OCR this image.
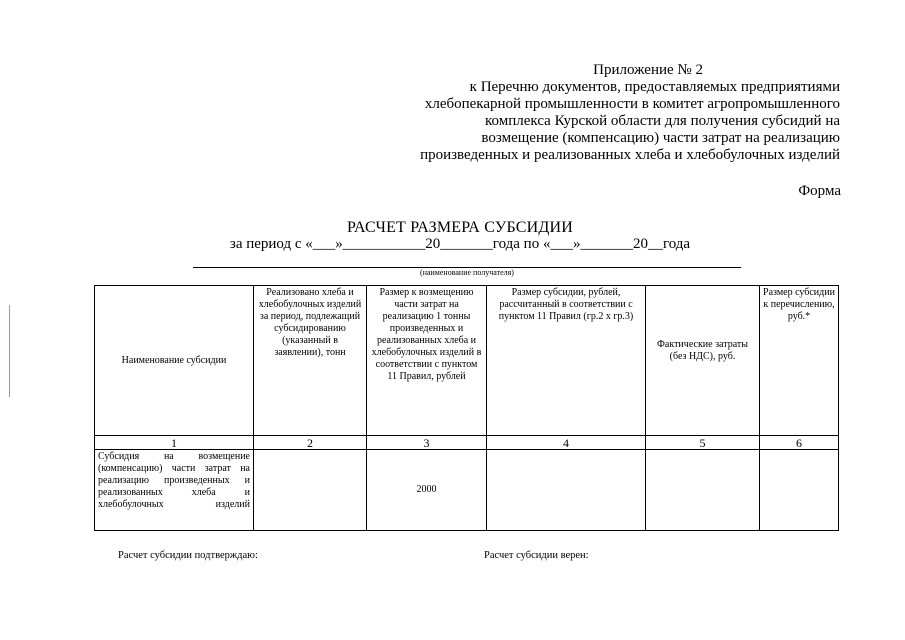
Приложение № 2
к Перечню документов, предоставляемых предприятиями
хлебопекарной промышленности в комитет агропромышленного
комплекса Курской области для получения субсидий на
возмещение (компенсацию) части затрат на реализацию
произведенных и реализованных хлеба и хлебобулочных изделий
Форма
РАСЧЕТ РАЗМЕРА СУБСИДИИ
за период с «___»___________20_______года по «___»_______20__года
(наименование получателя)
Наименование субсидии	Реализовано хлеба и хлебобулочных изделий за период, подлежащий субсидированию (указанный в заявлении), тонн	Размер к возмещению части затрат на реализацию 1 тонны произведенных и реализованных хлеба и хлебобулочных изделий в соответствии с пунктом 11 Правил, рублей	Размер субсидии, рублей, рассчитанный в соответствии с пунктом 11 Правил (гр.2 х гр.3)	Фактические затраты (без НДС), руб.	Размер субсидии к перечислению, руб.*

1	2	3	4	5	6
Субсидия на возмещение (компенсацию) части затрат на реализацию произведенных и реализованных хлеба и хлебобулочных изделий		2000			
Расчет субсидии подтверждаю:	Расчет субсидии верен:
